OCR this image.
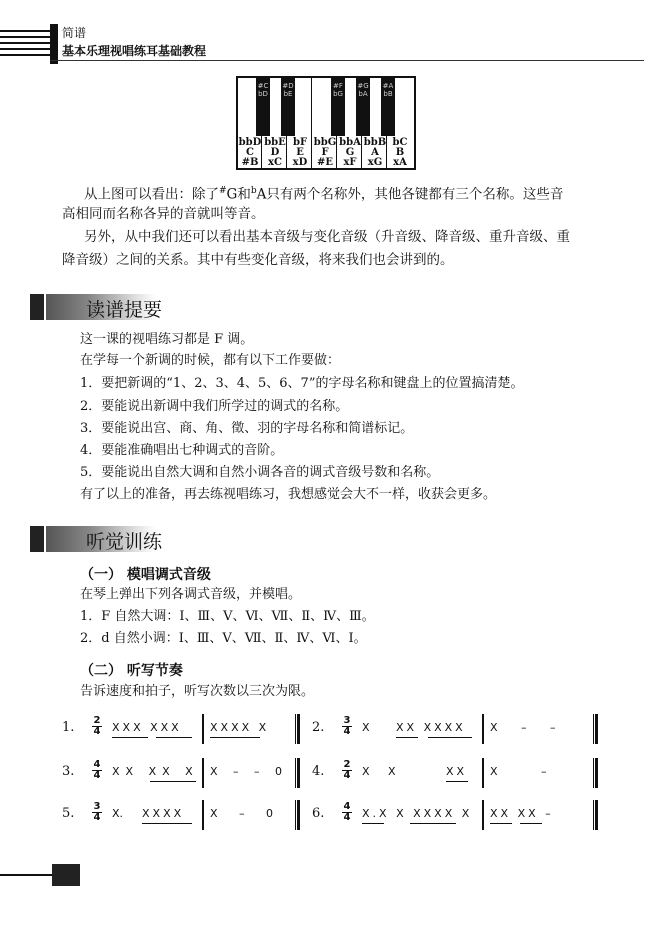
简谱
基本乐理视唱练耳基础教程
bbD
C
#B
bbE
D
xC
bF
E
xD
bbG
F
#E
bbA
G
xF
bbB
A
xG
bC
B
xA
#C
bD
#D
bE
#F
bG
#G
bA
#A
bB
从上图可以看出：除了#G和$^b$A只有两个名称外，其他各键都有三个名称。这些音
高相同而名称各异的音就叫等音。
另外，从中我们还可以看出基本音级与变化音级（升音级、降音级、重升音级、重
降音级）之间的关系。其中有些变化音级，将来我们也会讲到的。
读谱提要
这一课的视唱练习都是 F 调。
在学每一个新调的时候，都有以下工作要做：
1．要把新调的“1、2、3、4、5、6、7”的字母名称和键盘上的位置搞清楚。
2．要能说出新调中我们所学过的调式的名称。
3．要能说出宫、商、角、徵、羽的字母名称和简谱标记。
4．要能准确唱出七种调式的音阶。
5．要能说出自然大调和自然小调各音的调式音级号数和名称。
有了以上的准备，再去练视唱练习，我想感觉会大不一样，收获会更多。
听觉训练
（一） 模唱调式音级
在琴上弹出下列各调式音级，并模唱。
1．F 自然大调：Ⅰ、Ⅲ、Ⅴ、Ⅵ、Ⅶ、Ⅱ、Ⅳ、Ⅲ。
2．d 自然小调：Ⅰ、Ⅲ、Ⅴ、Ⅶ、Ⅱ、Ⅳ、Ⅵ、Ⅰ。
（二） 听写节奏
告诉速度和拍子，听写次数以三次为限。
1. $\frac{2}{4}$ XXX XXX	XXXX X	2. $\frac{3}{4}$ X XX XXXX X – –
3. $\frac{4}{4}$ XX XX X X – – 0 4. $\frac{2}{4}$ X X	XX X –
5. $\frac{3}{4} X$. XXXX X – 0	6. $\frac{4}{4} X.X$ X XXXX X XX XX –
